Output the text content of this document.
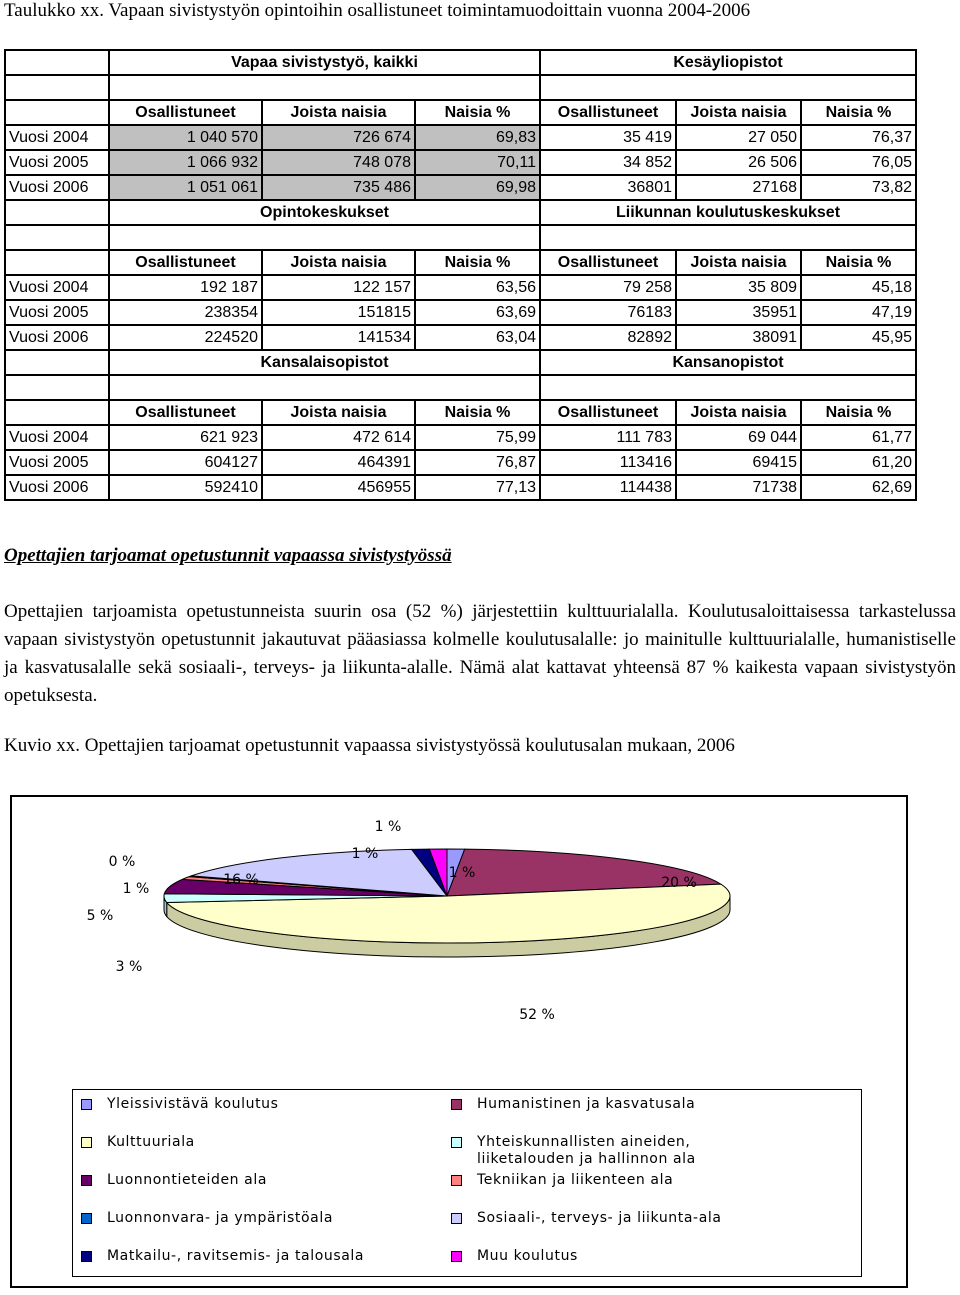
Taulukko xx. Vapaan sivistystyön opintoihin osallistuneet toimintamuodoittain vuonna 2004-2006
	Vapaa sivistystyö, kaikki			Kesäyliopistot		

	Osallistuneet	Joista naisia	Naisia %	Osallistuneet	Joista naisia	Naisia %
Vuosi 2004	1 040 570	726 674	69,83	35 419	27 050	76,37
Vuosi 2005	1 066 932	748 078	70,11	34 852	26 506	76,05
Vuosi 2006	1 051 061	735 486	69,98	36801	27168	73,82
	Opintokeskukset			Liikunnan koulutuskeskukset		

	Osallistuneet	Joista naisia	Naisia %	Osallistuneet	Joista naisia	Naisia %
Vuosi 2004	192 187	122 157	63,56	79 258	35 809	45,18
Vuosi 2005	238354	151815	63,69	76183	35951	47,19
Vuosi 2006	224520	141534	63,04	82892	38091	45,95
	Kansalaisopistot			Kansanopistot		

	Osallistuneet	Joista naisia	Naisia %	Osallistuneet	Joista naisia	Naisia %
Vuosi 2004	621 923	472 614	75,99	111 783	69 044	61,77
Vuosi 2005	604127	464391	76,87	113416	69415	61,20
Vuosi 2006	592410	456955	77,13	114438	71738	62,69
Opettajien tarjoamat opetustunnit vapaassa sivistystyössä
Opettajien tarjoamista opetustunneista suurin osa (52 %) järjestettiin kulttuurialalla. Koulutusaloittaisessa tarkastelussa vapaan sivistystyön opetustunnit jakautuvat pääasiassa kolmelle koulutusalalle: jo mainitulle kulttuurialalle, humanistiselle ja kasvatusalalle sekä sosiaali-, terveys- ja liikunta-alalle. Nämä alat kattavat yhteensä 87 % kaikesta vapaan sivistystyön opetuksesta.
Kuvio xx. Opettajien tarjoamat opetustunnit vapaassa sivistystyössä koulutusalan mukaan, 2006
1 %
20 %
52 %
3 %
5 %
1 %
0 %
16 %
1 %
1 %
Yleissivistävä koulutus	Humanistinen ja kasvatusala
Kulttuuriala	Yhteiskunnallisten aineiden, liiketalouden ja hallinnon ala
Luonnontieteiden ala	Tekniikan ja liikenteen ala
Luonnonvara- ja ympäristöala	Sosiaali-, terveys- ja liikunta-ala
Matkailu-, ravitsemis- ja talousala	Muu koulutus
